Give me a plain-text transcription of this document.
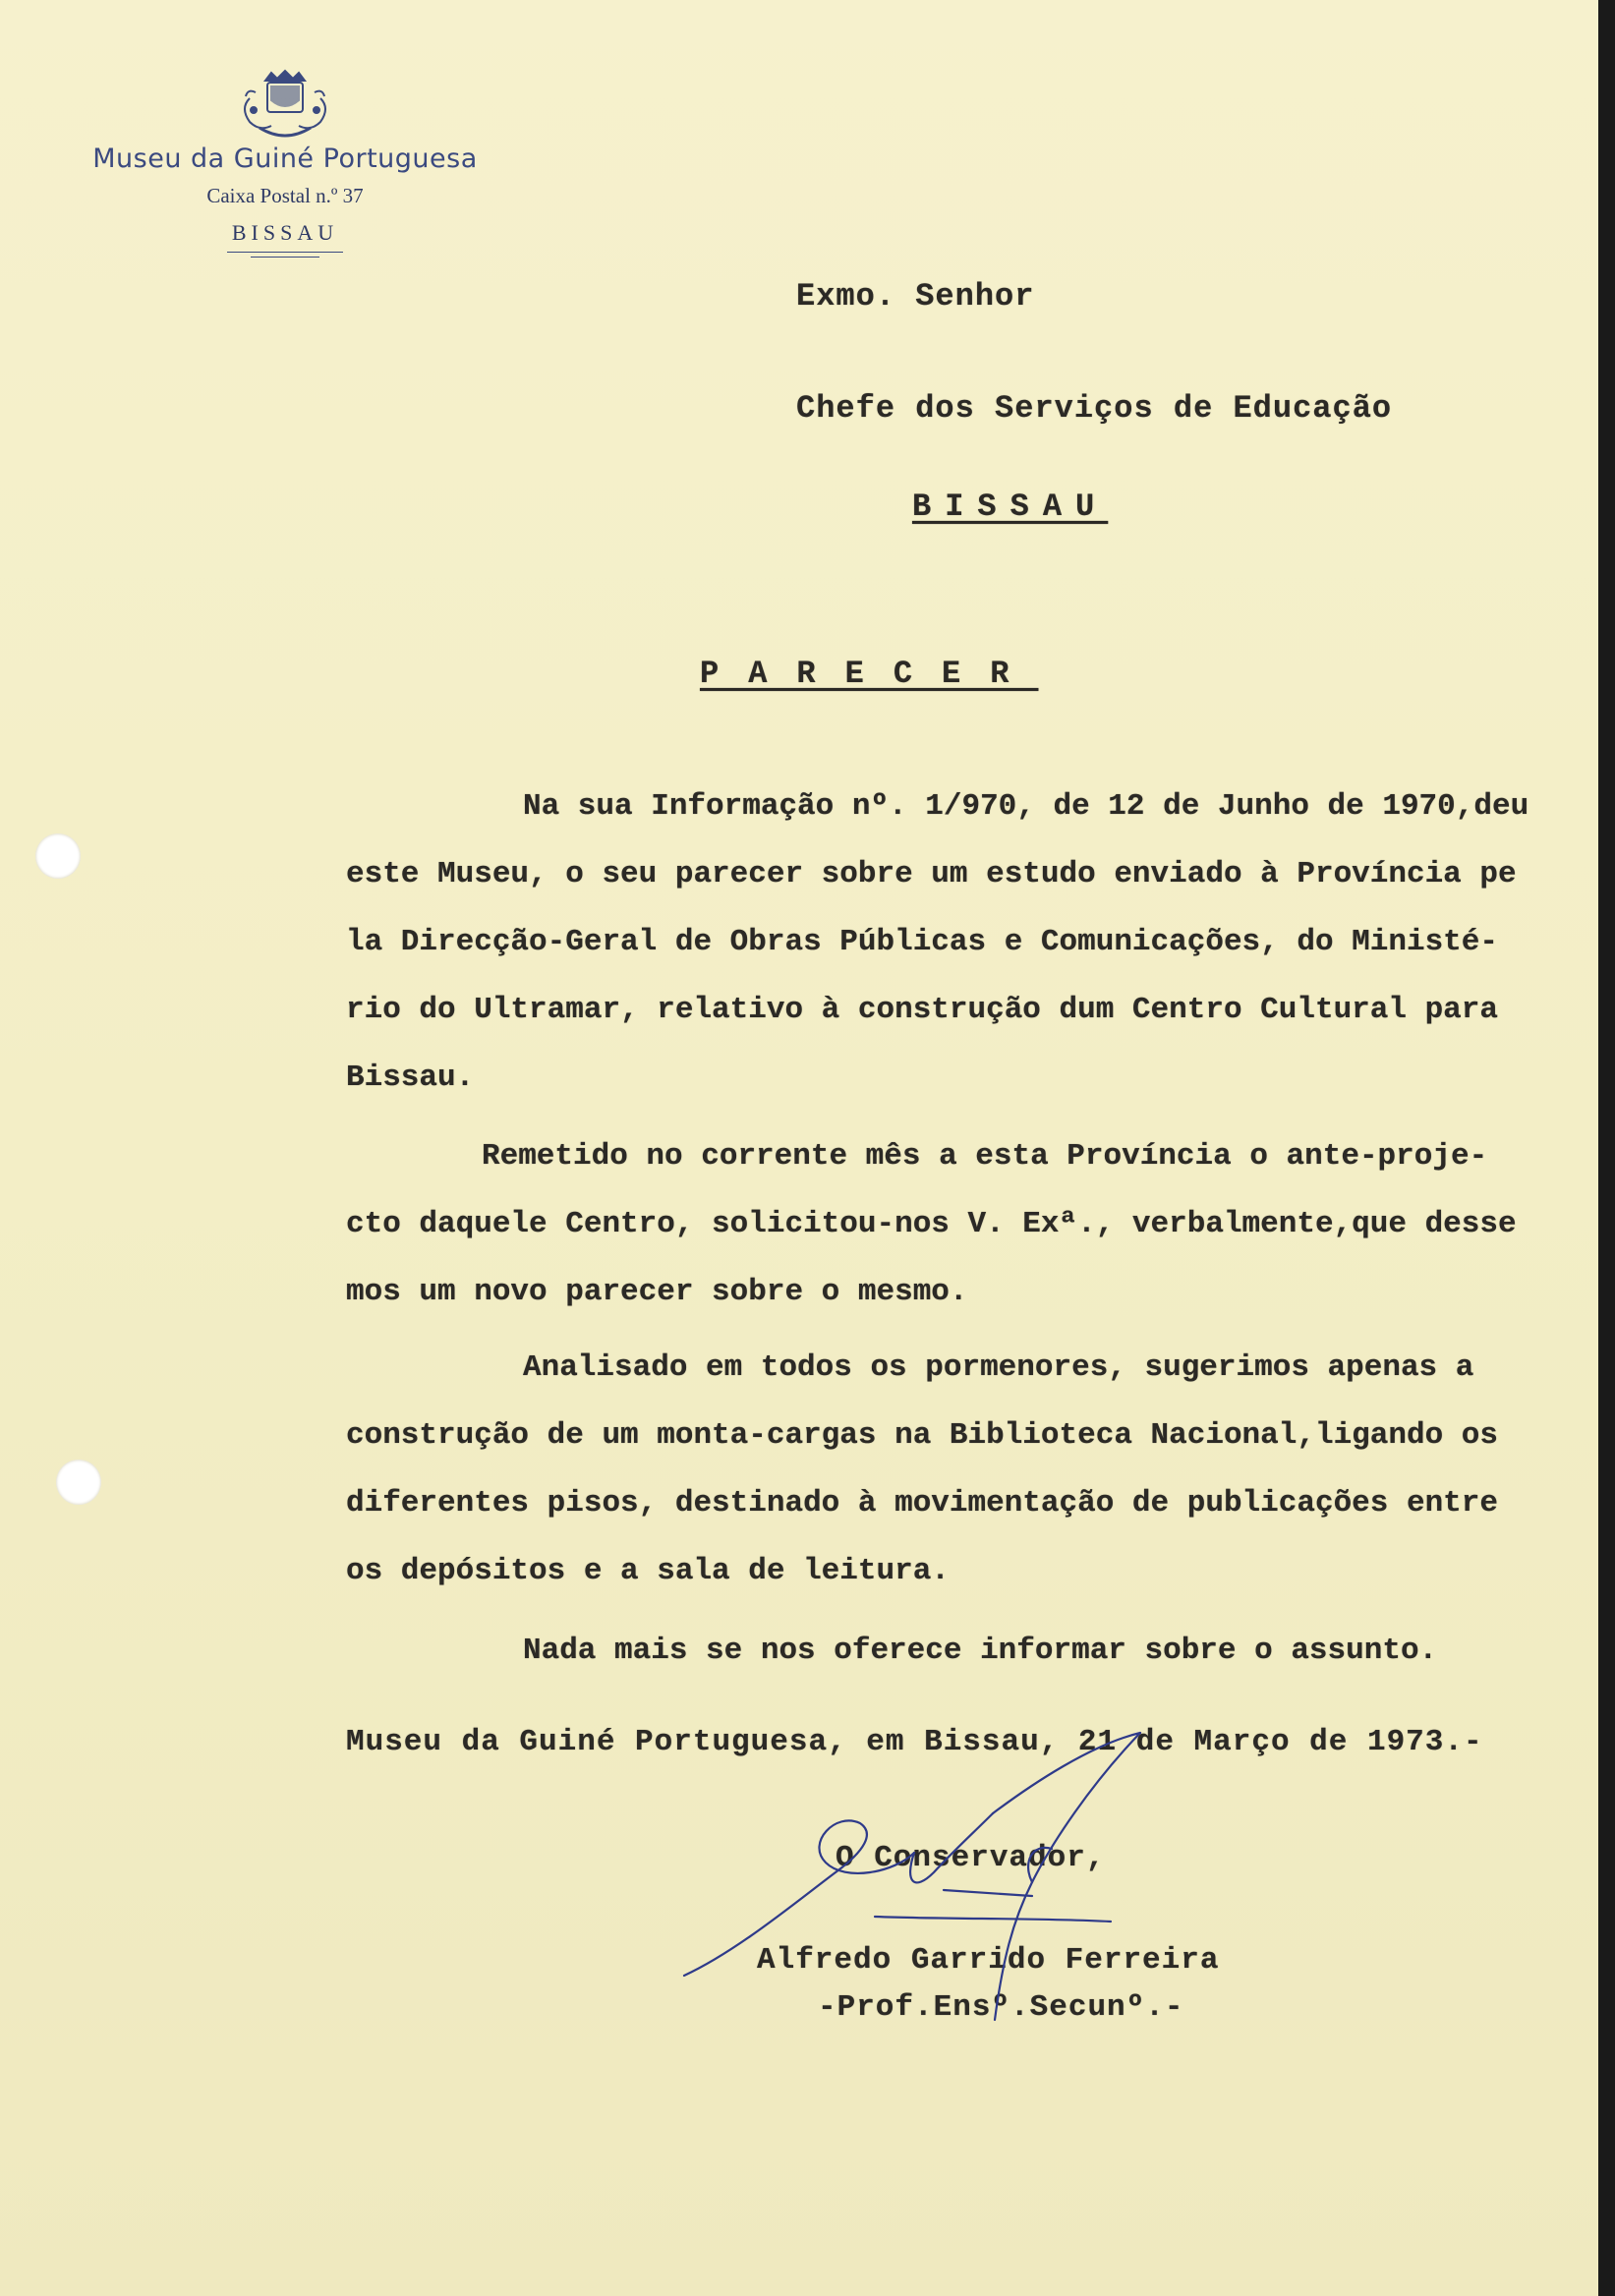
Museu da Guiné Portuguesa
Caixa Postal n.º 37
BISSAU
Exmo. Senhor
Chefe dos Serviços de Educação
BISSAU
PARECER

Na sua Informação nº. 1/970, de 12 de Junho de 1970,deu

este Museu, o seu parecer sobre um estudo enviado à Província pe

la Direcção-Geral de Obras Públicas e Comunicações, do Ministé-

rio do Ultramar, relativo à construção dum Centro Cultural para

Bissau.

Remetido no corrente mês a esta Província o ante-proje-

cto daquele Centro, solicitou-nos V. Exª., verbalmente,que desse

mos um novo parecer sobre o mesmo.

Analisado em todos os pormenores, sugerimos apenas a

construção de um monta-cargas na Biblioteca Nacional,ligando os

diferentes pisos, destinado à movimentação de publicações entre

os depósitos e a sala de leitura.

Nada mais se nos oferece informar sobre o assunto.

Museu da Guiné Portuguesa, em Bissau, 21 de Março de 1973.-
O Conservador,
Alfredo Garrido Ferreira
-Prof.Ensº.Secunº.-
